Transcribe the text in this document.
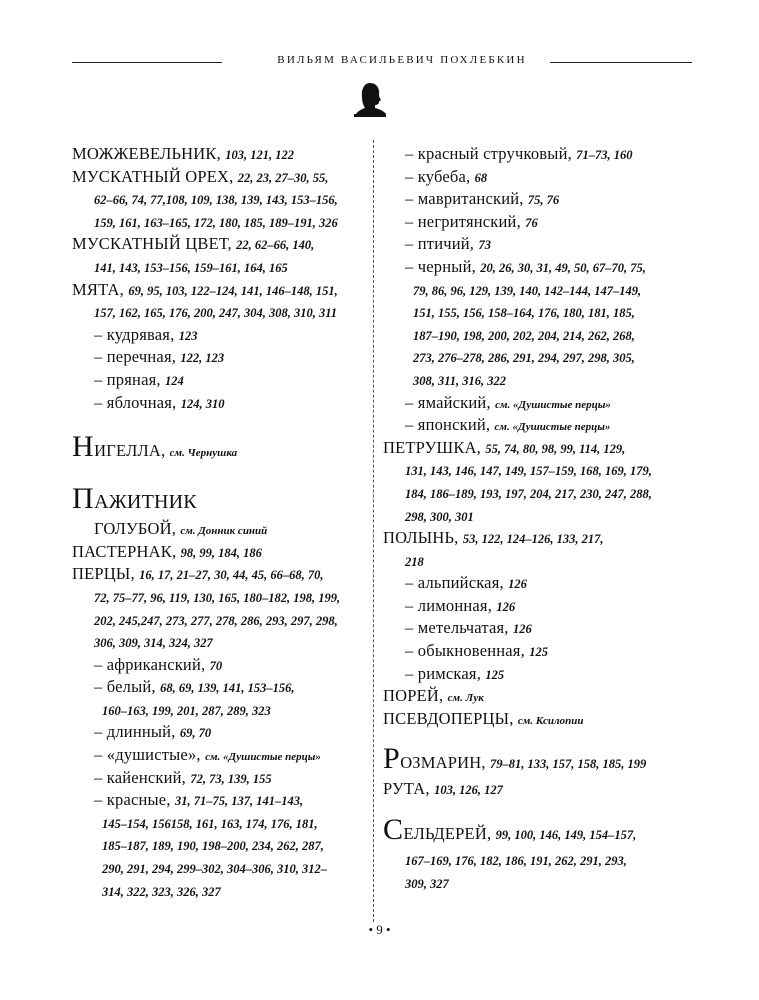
ВИЛЬЯМ ВАСИЛЬЕВИЧ ПОХЛЕБКИН
МОЖЖЕВЕЛЬНИК, 103, 121, 122
МУСКАТНЫЙ ОРЕХ, 22, 23, 27–30, 55,
62–66, 74, 77,108, 109, 138, 139, 143, 153–156,
159, 161, 163–165, 172, 180, 185, 189–191, 326
МУСКАТНЫЙ ЦВЕТ, 22, 62–66, 140,
141, 143, 153–156, 159–161, 164, 165
МЯТА, 69, 95, 103, 122–124, 141, 146–148, 151,
157, 162, 165, 176, 200, 247, 304, 308, 310, 311
– кудрявая, 123
– перечная, 122, 123
– пряная, 124
– яблочная, 124, 310
НИГЕЛЛА, см. Чернушка
ПАЖИТНИК
ГОЛУБОЙ, см. Донник синий
ПАСТЕРНАК, 98, 99, 184, 186
ПЕРЦЫ, 16, 17, 21–27, 30, 44, 45, 66–68, 70,
72, 75–77, 96, 119, 130, 165, 180–182, 198, 199,
202, 245,247, 273, 277, 278, 286, 293, 297, 298,
306, 309, 314, 324, 327
– африканский, 70
– белый, 68, 69, 139, 141, 153–156,
160–163, 199, 201, 287, 289, 323
– длинный, 69, 70
– «душистые», см. «Душистые перцы»
– кайенский, 72, 73, 139, 155
– красные, 31, 71–75, 137, 141–143,
145–154, 156158, 161, 163, 174, 176, 181,
185–187, 189, 190, 198–200, 234, 262, 287,
290, 291, 294, 299–302, 304–306, 310, 312–
314, 322, 323, 326, 327
– красный стручковый, 71–73, 160
– кубеба, 68
– мавританский, 75, 76
– негритянский, 76
– птичий, 73
– черный, 20, 26, 30, 31, 49, 50, 67–70, 75,
79, 86, 96, 129, 139, 140, 142–144, 147–149,
151, 155, 156, 158–164, 176, 180, 181, 185,
187–190, 198, 200, 202, 204, 214, 262, 268,
273, 276–278, 286, 291, 294, 297, 298, 305,
308, 311, 316, 322
– ямайский, см. «Душистые перцы»
– японский, см. «Душистые перцы»
ПЕТРУШКА, 55, 74, 80, 98, 99, 114, 129,
131, 143, 146, 147, 149, 157–159, 168, 169, 179,
184, 186–189, 193, 197, 204, 217, 230, 247, 288,
298, 300, 301
ПОЛЫНЬ, 53, 122, 124–126, 133, 217,
218
– альпийская, 126
– лимонная, 126
– метельчатая, 126
– обыкновенная, 125
– римская, 125
ПОРЕЙ, см. Лук
ПСЕВДОПЕРЦЫ, см. Ксилопии
РОЗМАРИН, 79–81, 133, 157, 158, 185, 199
РУТА, 103, 126, 127
СЕЛЬДЕРЕЙ, 99, 100, 146, 149, 154–157,
167–169, 176, 182, 186, 191, 262, 291, 293,
309, 327
• 9 •
